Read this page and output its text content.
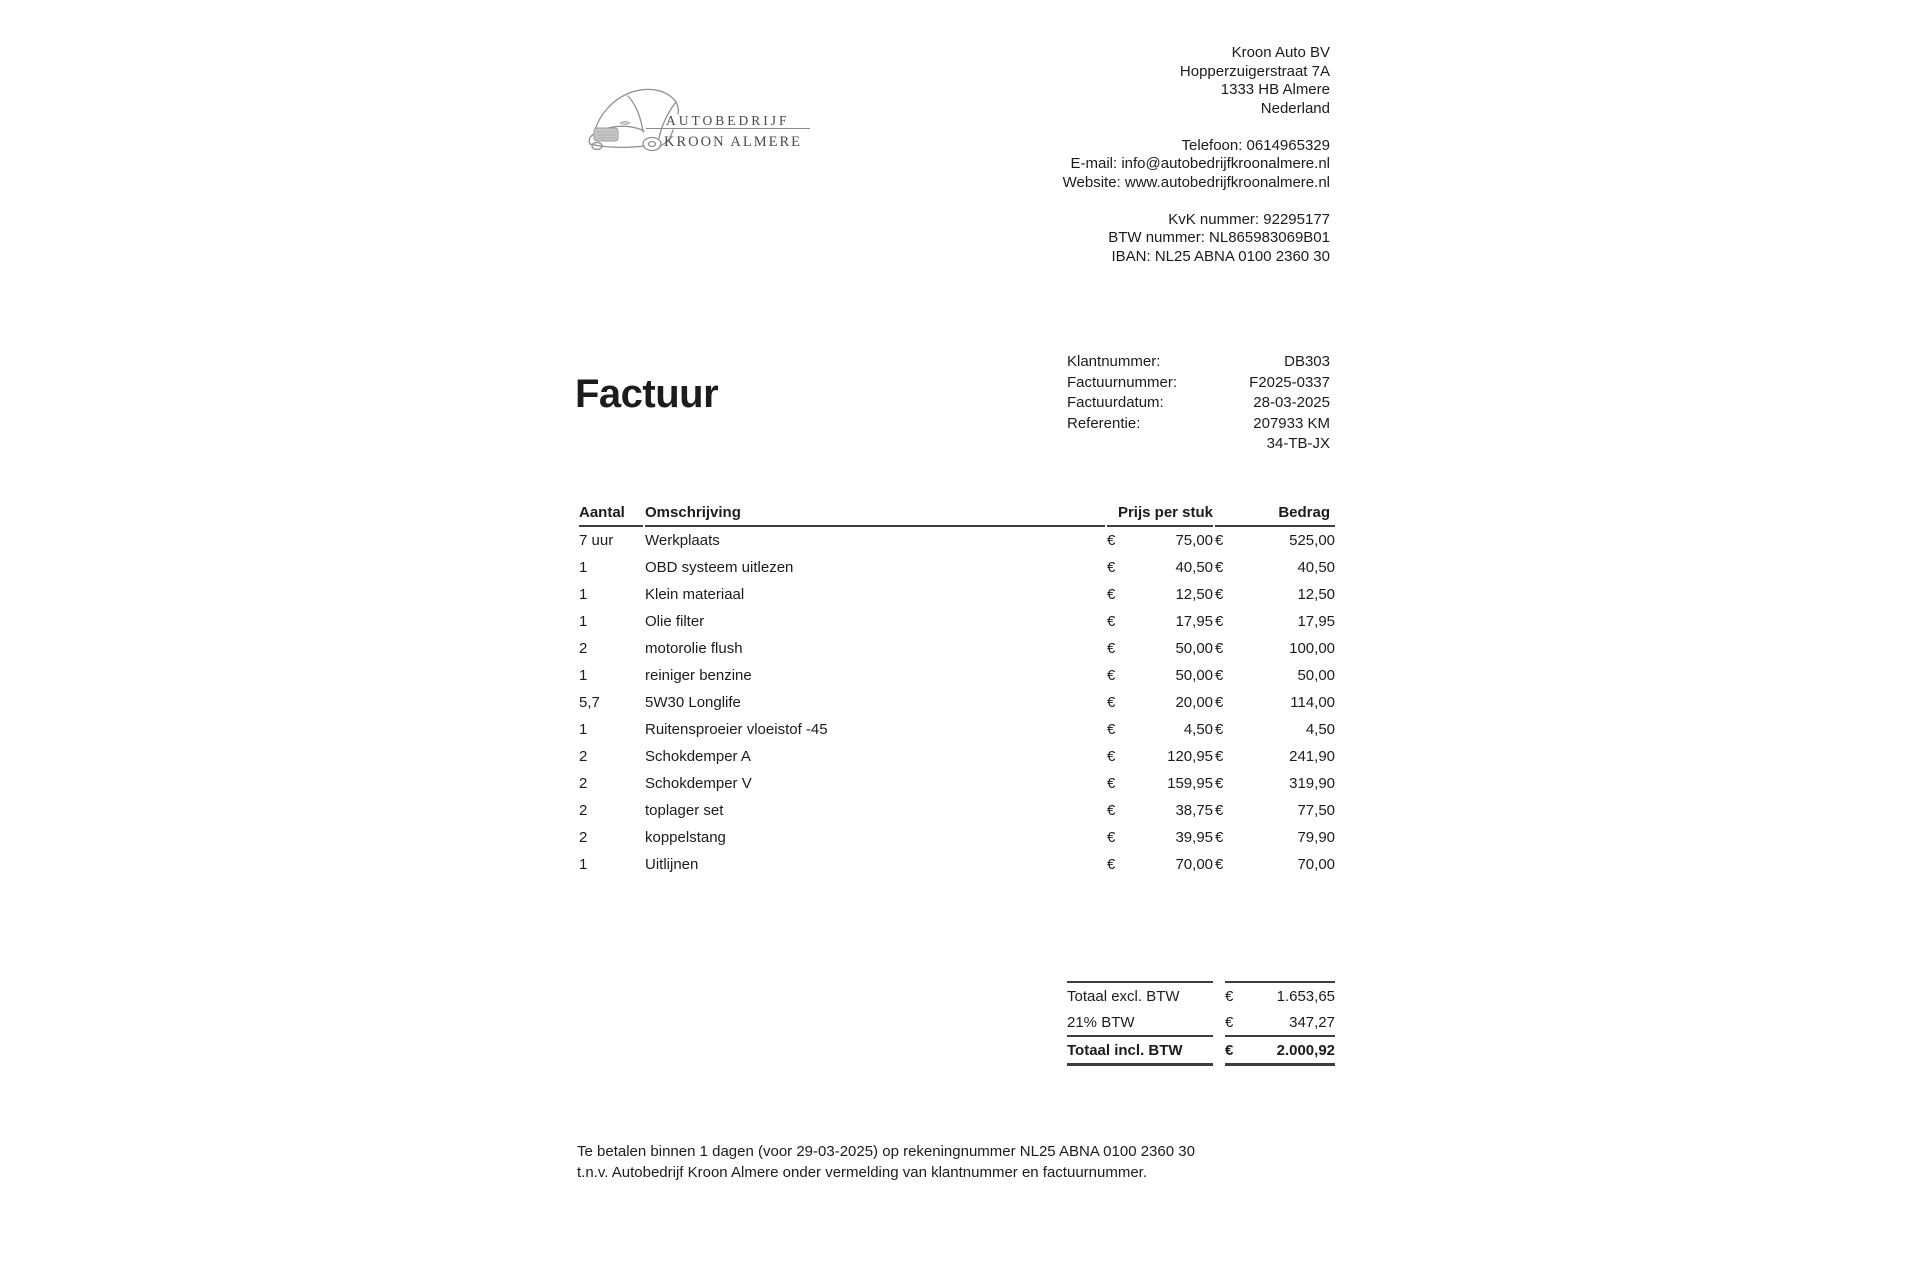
AUTOBEDRIJF
KROON ALMERE
Kroon Auto BV
Hopperzuigerstraat 7A
1333 HB Almere
Nederland
Telefoon: 0614965329
E-mail: info@autobedrijfkroonalmere.nl
Website: www.autobedrijfkroonalmere.nl
KvK nummer: 92295177
BTW nummer: NL865983069B01
IBAN: NL25 ABNA 0100 2360 30
Factuur
Klantnummer:	DB303
Factuurnummer:	F2025-0337
Factuurdatum:	28-03-2025
Referentie:	207933 KM
34-TB-JX
Aantal	Omschrijving	Prijs per stuk		Bedrag	
7 uur	Werkplaats	€	75,00	€	525,00
1	OBD systeem uitlezen	€	40,50	€	40,50
1	Klein materiaal	€	12,50	€	12,50
1	Olie filter	€	17,95	€	17,95
2	motorolie flush	€	50,00	€	100,00
1	reiniger benzine	€	50,00	€	50,00
5,7	5W30 Longlife	€	20,00	€	114,00
1	Ruitensproeier vloeistof -45	€	4,50	€	4,50
2	Schokdemper A	€	120,95	€	241,90
2	Schokdemper V	€	159,95	€	319,90
2	toplager set	€	38,75	€	77,50
2	koppelstang	€	39,95	€	79,90
1	Uitlijnen	€	70,00	€	70,00
Totaal excl. BTW	€	1.653,65
21% BTW	€	347,27
Totaal incl. BTW	€	2.000,92
Te betalen binnen 1 dagen (voor 29-03-2025) op rekeningnummer NL25 ABNA 0100 2360 30
t.n.v. Autobedrijf Kroon Almere onder vermelding van klantnummer en factuurnummer.
